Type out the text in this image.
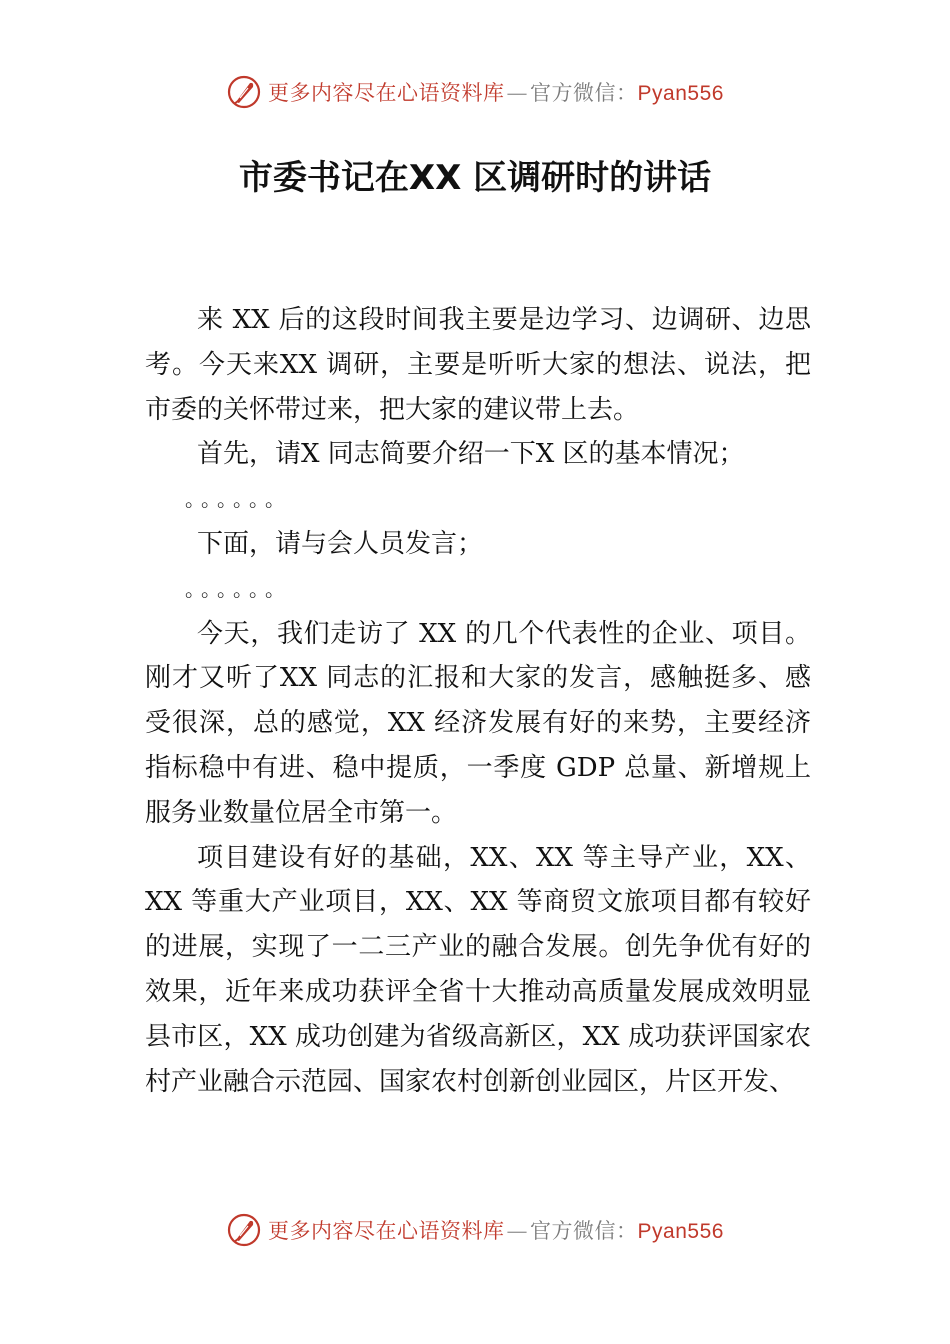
更多内容尽在心语资料库—官方微信：Pyan556
市委书记在XX 区调研时的讲话

来 XX 后的这段时间我主要是边学习、边调研、边思考。今天来XX 调研，主要是听听大家的想法、说法，把市委的关怀带过来，把大家的建议带上去。

首先，请X 同志简要介绍一下X 区的基本情况；

。。。。。。

下面，请与会人员发言；

。。。。。。

今天，我们走访了 XX 的几个代表性的企业、项目。刚才又听了XX 同志的汇报和大家的发言，感触挺多、感受很深，总的感觉，XX 经济发展有好的来势，主要经济指标稳中有进、稳中提质，一季度 GDP 总量、新增规上服务业数量位居全市第一。

项目建设有好的基础，XX、XX 等主导产业，XX、XX 等重大产业项目，XX、XX 等商贸文旅项目都有较好的进展，实现了一二三产业的融合发展。创先争优有好的效果，近年来成功获评全省十大推动高质量发展成效明显县市区，XX 成功创建为省级高新区，XX 成功获评国家农村产业融合示范园、国家农村创新创业园区，片区开发、

更多内容尽在心语资料库—官方微信：Pyan556
